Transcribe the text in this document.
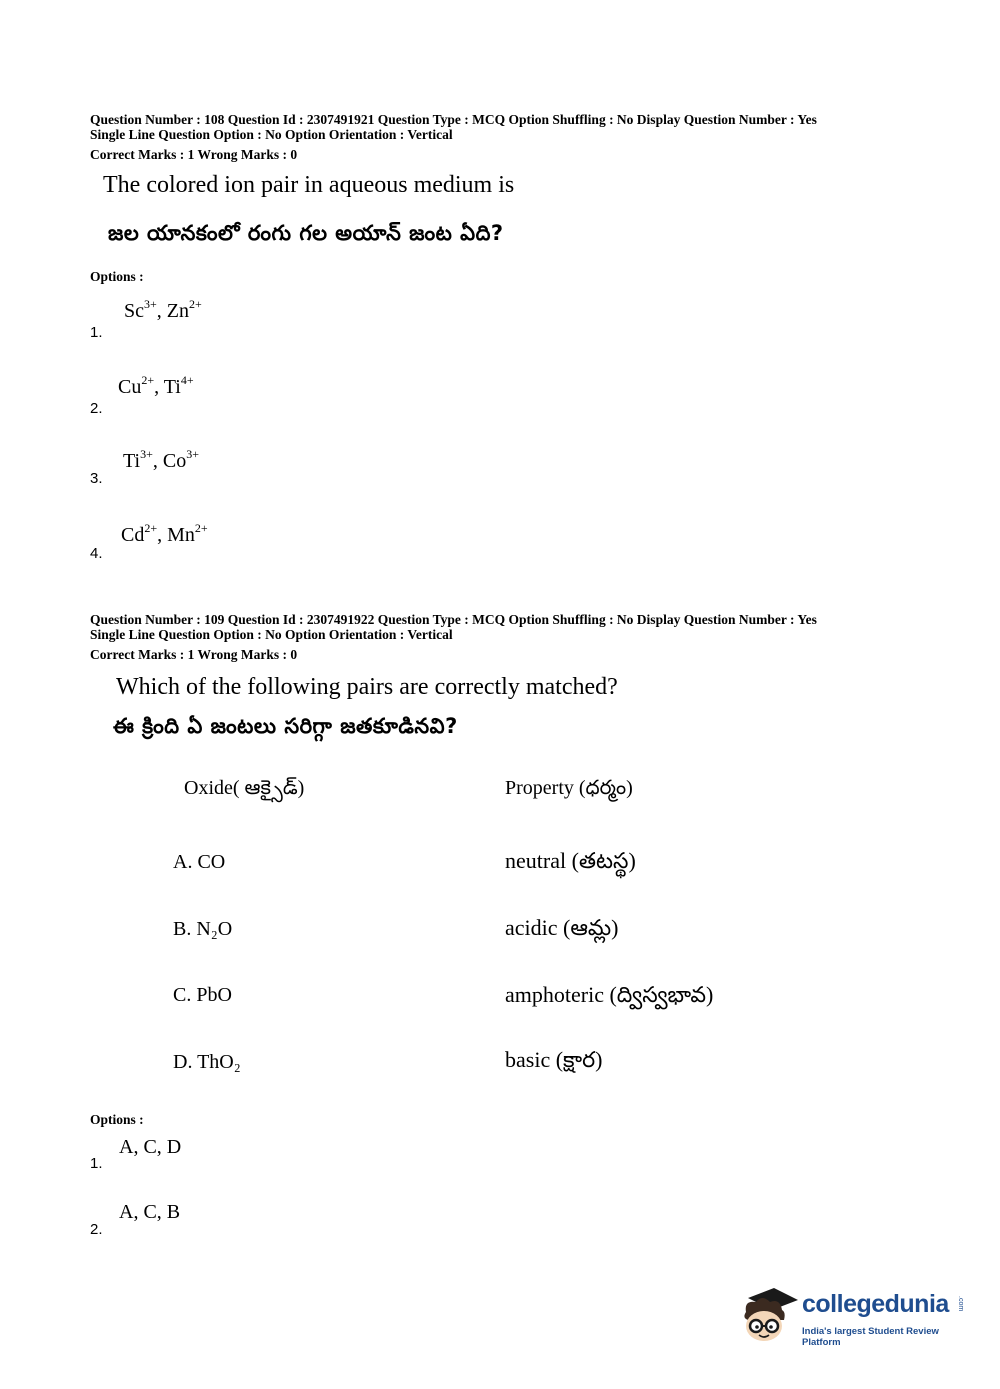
Question Number : 108 Question Id : 2307491921 Question Type : MCQ Option Shuffling : No Display Question Number : Yes
Single Line Question Option : No Option Orientation : Vertical
Correct Marks : 1 Wrong Marks : 0
The colored ion pair in aqueous medium is
జల యానకంలో రంగు గల అయాన్ జంట ఏది?
Options :
$Sc^{3+}$, $Zn^{2+}$
1.
$Cu^{2+}$, $Ti^{4+}$
2.
$Ti^{3+}$, $Co^{3+}$
3.
$Cd^{2+}$, $Mn^{2+}$
4.
Question Number : 109 Question Id : 2307491922 Question Type : MCQ Option Shuffling : No Display Question Number : Yes
Single Line Question Option : No Option Orientation : Vertical
Correct Marks : 1 Wrong Marks : 0
Which of the following pairs are correctly matched?
ఈ క్రింది ఏ జంటలు సరిగ్గా జతకూడినవి?
Oxide( ఆక్సైడ్)	Property (ధర్మం)
A. CO	neutral (తటస్థ)
B. N₂O	acidic (ఆమ్ల)
C. PbO	amphoteric (ద్విస్వభావ)
D. ThO₂	basic (క్షార)
Options :
A, C, D
1.
A, C, B
2.
collegedunia .com
India's largest Student Review Platform
